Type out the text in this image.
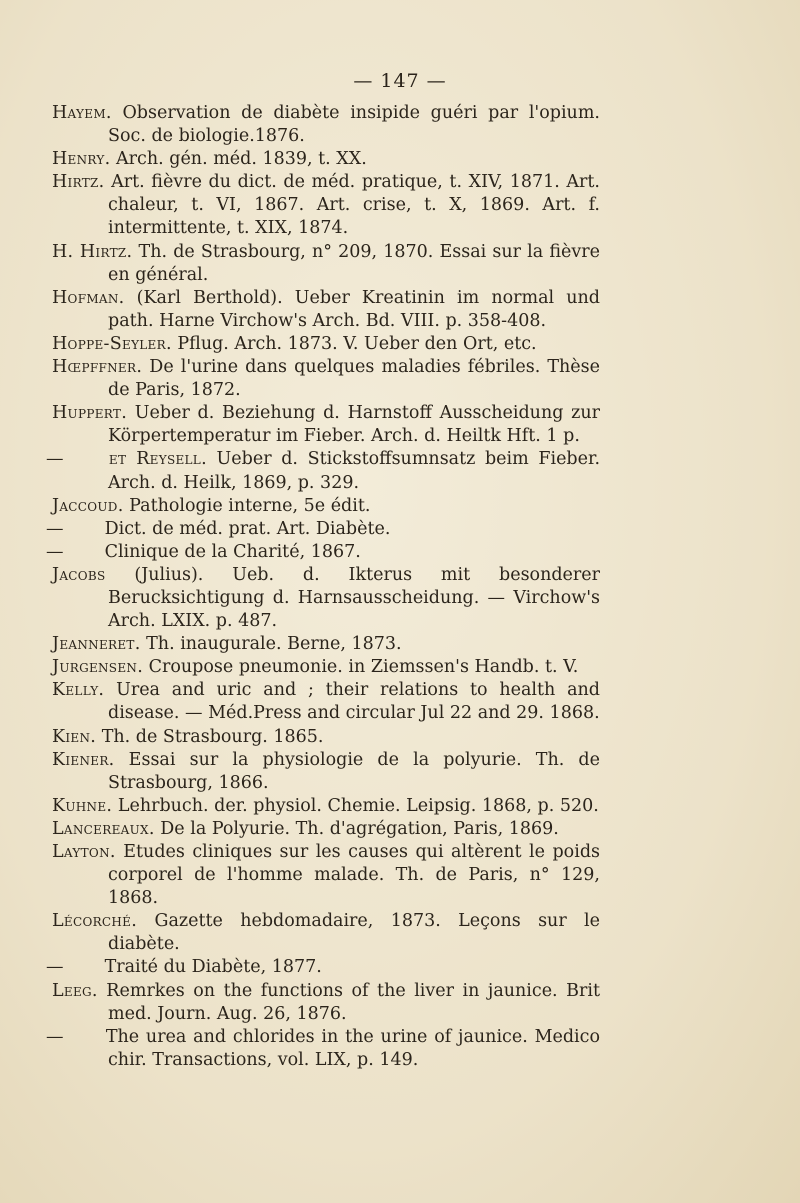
— 147 —
Hayem. Observation de diabète insipide guéri par l'opium. Soc. de biologie.1876.
Henry. Arch. gén. méd. 1839, t. XX.
Hirtz. Art. fièvre du dict. de méd. pratique, t. XIV, 1871. Art. chaleur, t. VI, 1867. Art. crise, t. X, 1869. Art. f. intermittente, t. XIX, 1874.
H. Hirtz. Th. de Strasbourg, n° 209, 1870. Essai sur la fièvre en général.
Hofman. (Karl Berthold). Ueber Kreatinin im normal und path. Harne Virchow's Arch. Bd. VIII. p. 358-408.
Hoppe-Seyler. Pflug. Arch. 1873. V. Ueber den Ort, etc.
Hœpffner. De l'urine dans quelques maladies fébriles. Thèse de Paris, 1872.
Huppert. Ueber d. Beziehung d. Harnstoff Ausscheidung zur Körpertemperatur im Fieber. Arch. d. Heiltk Hft. 1 p.
— et Reysell. Ueber d. Stickstoffsumnsatz beim Fieber. Arch. d. Heilk, 1869, p. 329.
Jaccoud. Pathologie interne, 5e édit.
— Dict. de méd. prat. Art. Diabète.
— Clinique de la Charité, 1867.
Jacobs (Julius). Ueb. d. Ikterus mit besonderer Berucksichtigung d. Harnsausscheidung. — Virchow's Arch. LXIX. p. 487.
Jeanneret. Th. inaugurale. Berne, 1873.
Jurgensen. Croupose pneumonie. in Ziemssen's Handb. t. V.
Kelly. Urea and uric and ; their relations to health and disease. — Méd.Press and circular Jul 22 and 29. 1868.
Kien. Th. de Strasbourg. 1865.
Kiener. Essai sur la physiologie de la polyurie. Th. de Strasbourg, 1866.
Kuhne. Lehrbuch. der. physiol. Chemie. Leipsig. 1868, p. 520.
Lancereaux. De la Polyurie. Th. d'agrégation, Paris, 1869.
Layton. Etudes cliniques sur les causes qui altèrent le poids corporel de l'homme malade. Th. de Paris, n° 129, 1868.
Lécorché. Gazette hebdomadaire, 1873. Leçons sur le diabète.
— Traité du Diabète, 1877.
Leeg. Remrkes on the functions of the liver in jaunice. Brit med. Journ. Aug. 26, 1876.
— The urea and chlorides in the urine of jaunice. Medico chir. Transactions, vol. LIX, p. 149.
